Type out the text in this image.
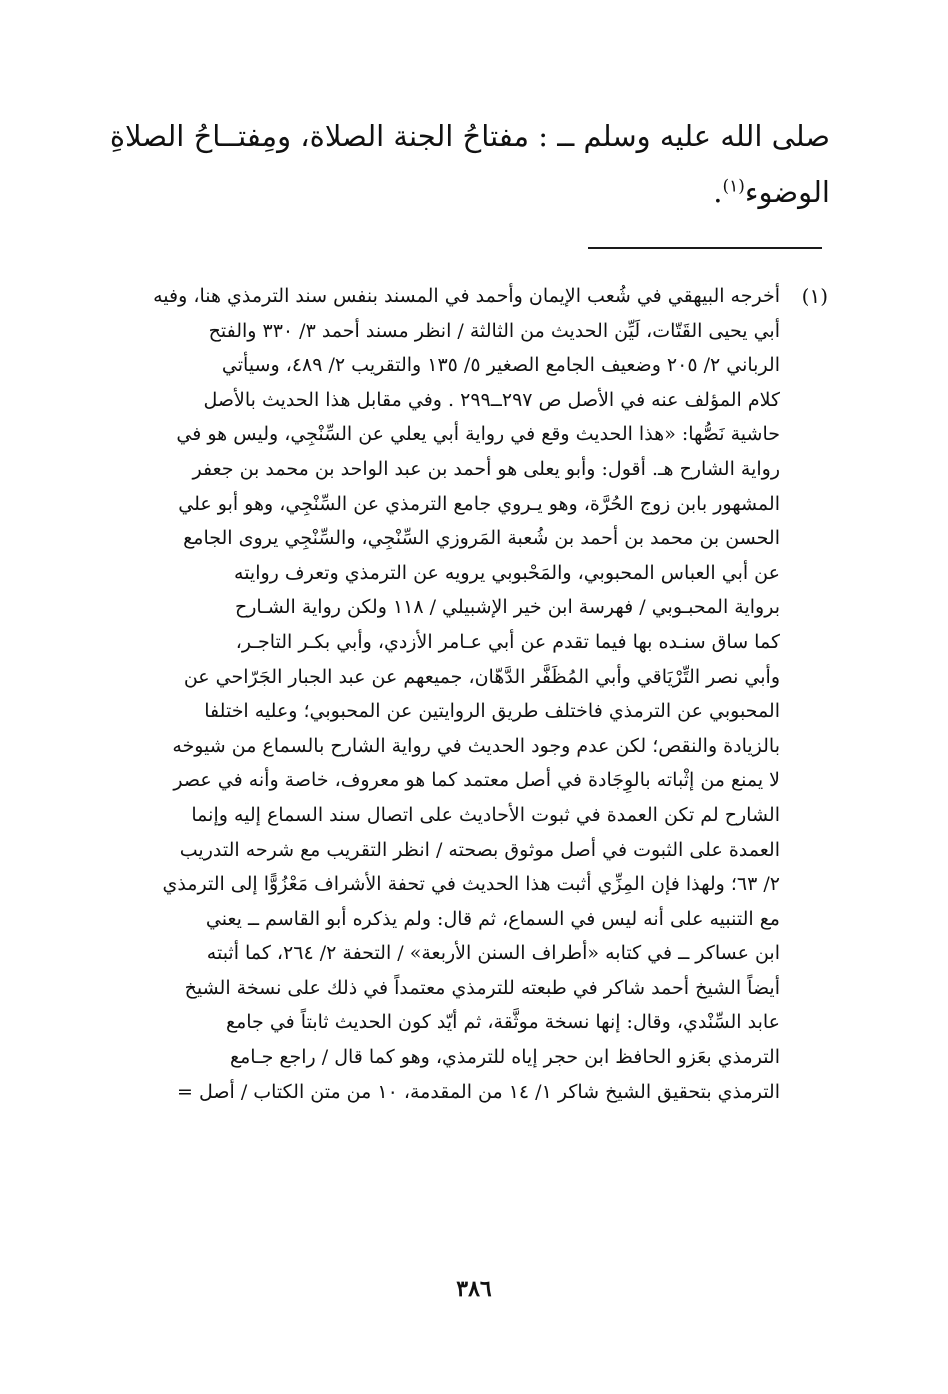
صلى الله عليه وسلم ــ : مفتاحُ الجنة الصلاة، ومِفتــاحُ الصلاةِ
الوضوء$^{(١)}$.
(١)
أخرجه البيهقي في شُعب الإيمان وأحمد في المسند بنفس سند الترمذي هنا، وفيه
أبي يحيى القَتّات، لَيِّن الحديث من الثالثة / انظر مسند أحمد ٣/ ٣٣٠ والفتح
الرباني ٢/ ٢٠٥ وضعيف الجامع الصغير ٥/ ١٣٥ والتقريب ٢/ ٤٨٩، وسيأتي
كلام المؤلف عنه في الأصل ص ٢٩٧ــ٢٩٩ . وفي مقابل هذا الحديث بالأصل
حاشية نَصُّها: «هذا الحديث وقع في رواية أبي يعلي عن السِّنْجِي، وليس هو في
رواية الشارح هـ. أقول: وأبو يعلى هو أحمد بن عبد الواحد بن محمد بن جعفر
المشهور بابن زوج الحُرَّة، وهو يـروي جامع الترمذي عن السِّنْجِي، وهو أبو علي
الحسن بن محمد بن أحمد بن شُعبة المَروزي السِّنْجِي، والسِّنْجِي يروى الجامع
عن أبي العباس المحبوبي، والمَحْبوبي يرويه عن الترمذي وتعرف روايته
برواية المحبـوبي / فهرسة ابن خير الإشبيلي / ١١٨ ولكن رواية الشـارح
كما ساق سنـده بها فيما تقدم عن أبي عـامر الأزدي، وأبي بكـر التاجـر،
وأبي نصر التِّرْيَاقي وأبي المُظَفَّر الدَّهّان، جميعهم عن عبد الجبار الجَرّاحي عن
المحبوبي عن الترمذي فاختلف طريق الروايتين عن المحبوبي؛ وعليه اختلفا
بالزيادة والنقص؛ لكن عدم وجود الحديث في رواية الشارح بالسماع من شيوخه
لا يمنع من إثْباته بالوِجَادة في أصل معتمد كما هو معروف، خاصة وأنه في عصر
الشارح لم تكن العمدة في ثبوت الأحاديث على اتصال سند السماع إليه وإنما
العمدة على الثبوت في أصل موثوق بصحته / انظر التقريب مع شرحه التدريب
٢/ ٦٣؛ ولهذا فإن المِزِّي أثبت هذا الحديث في تحفة الأشراف مَعْزُوًّا إلى الترمذي
مع التنبيه على أنه ليس في السماع، ثم قال: ولم يذكره أبو القاسم ــ يعني
ابن عساكر ــ في كتابه «أطراف السنن الأربعة» / التحفة ٢/ ٢٦٤، كما أثبته
أيضاً الشيخ أحمد شاكر في طبعته للترمذي معتمداً في ذلك على نسخة الشيخ
عابد السِّنْدي، وقال: إنها نسخة موثَّقة، ثم أيّد كون الحديث ثابتاً في جامع
الترمذي بعَزو الحافظ ابن حجر إياه للترمذي، وهو كما قال / راجع جـامع
الترمذي بتحقيق الشيخ شاكر ١/ ١٤ من المقدمة، ١٠ من متن الكتاب / أصل =
٣٨٦
